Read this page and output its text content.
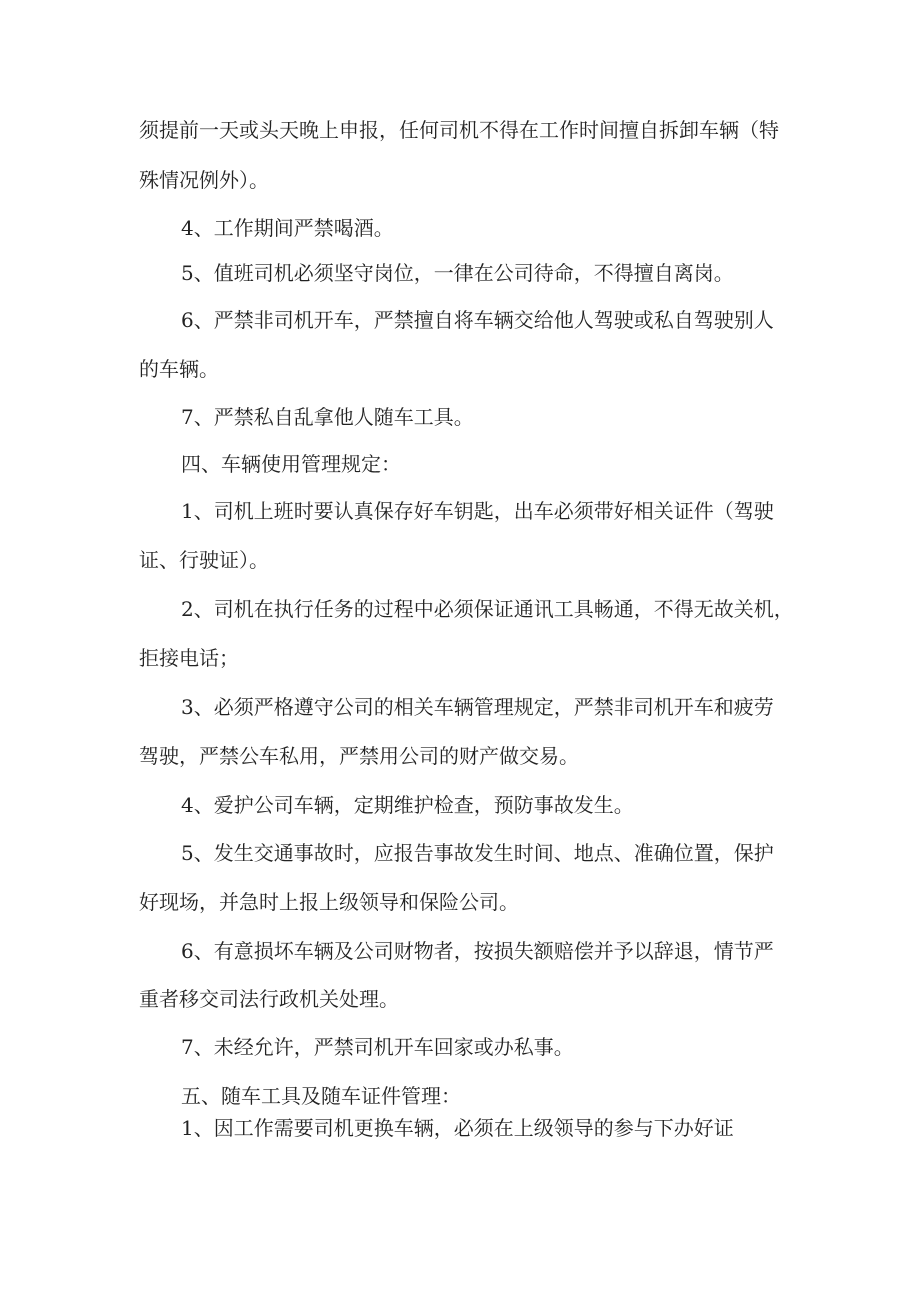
须提前一天或头天晚上申报，任何司机不得在工作时间擅自拆卸车辆（特
殊情况例外）。
4、工作期间严禁喝酒。
5、值班司机必须坚守岗位，一律在公司待命，不得擅自离岗。
6、严禁非司机开车，严禁擅自将车辆交给他人驾驶或私自驾驶别人
的车辆。
7、严禁私自乱拿他人随车工具。
四、车辆使用管理规定：
1、司机上班时要认真保存好车钥匙，出车必须带好相关证件（驾驶
证、行驶证）。
2、司机在执行任务的过程中必须保证通讯工具畅通，不得无故关机，
拒接电话；
3、必须严格遵守公司的相关车辆管理规定，严禁非司机开车和疲劳
驾驶，严禁公车私用，严禁用公司的财产做交易。
4、爱护公司车辆，定期维护检查，预防事故发生。
5、发生交通事故时，应报告事故发生时间、地点、准确位置，保护
好现场，并急时上报上级领导和保险公司。
6、有意损坏车辆及公司财物者，按损失额赔偿并予以辞退，情节严
重者移交司法行政机关处理。
7、未经允许，严禁司机开车回家或办私事。
五、随车工具及随车证件管理：
1、因工作需要司机更换车辆，必须在上级领导的参与下办好证
